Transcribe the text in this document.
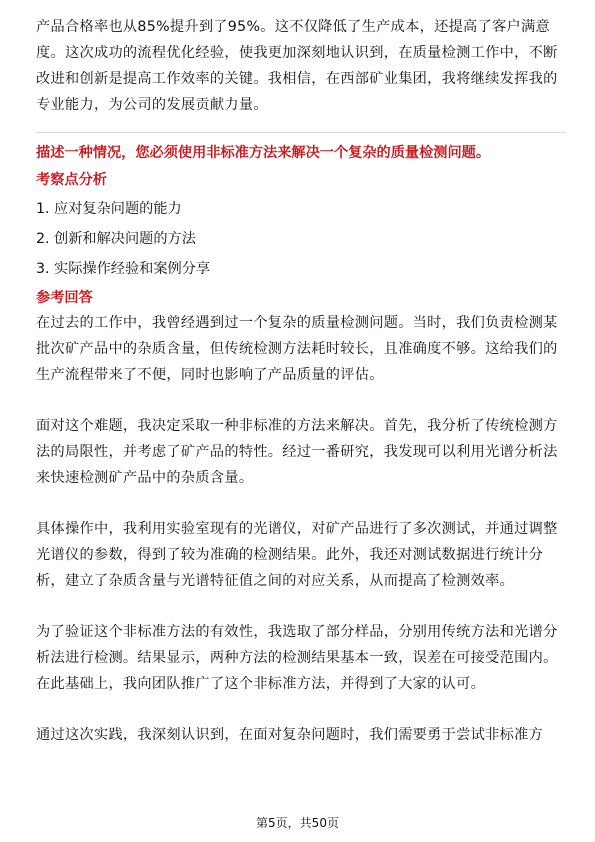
产品合格率也从85%提升到了95%。这不仅降低了生产成本，还提高了客户满意
度。这次成功的流程优化经验，使我更加深刻地认识到，在质量检测工作中，不断
改进和创新是提高工作效率的关键。我相信，在西部矿业集团，我将继续发挥我的
专业能力，为公司的发展贡献力量。
描述一种情况，您必须使用非标准方法来解决一个复杂的质量检测问题。
考察点分析
1. 应对复杂问题的能力
2. 创新和解决问题的方法
3. 实际操作经验和案例分享
参考回答
在过去的工作中，我曾经遇到过一个复杂的质量检测问题。当时，我们负责检测某
批次矿产品中的杂质含量，但传统检测方法耗时较长，且准确度不够。这给我们的
生产流程带来了不便，同时也影响了产品质量的评估。
面对这个难题，我决定采取一种非标准的方法来解决。首先，我分析了传统检测方
法的局限性，并考虑了矿产品的特性。经过一番研究，我发现可以利用光谱分析法
来快速检测矿产品中的杂质含量。
具体操作中，我利用实验室现有的光谱仪，对矿产品进行了多次测试，并通过调整
光谱仪的参数，得到了较为准确的检测结果。此外，我还对测试数据进行统计分
析，建立了杂质含量与光谱特征值之间的对应关系，从而提高了检测效率。
为了验证这个非标准方法的有效性，我选取了部分样品，分别用传统方法和光谱分
析法进行检测。结果显示，两种方法的检测结果基本一致，误差在可接受范围内。
在此基础上，我向团队推广了这个非标准方法，并得到了大家的认可。
通过这次实践，我深刻认识到，在面对复杂问题时，我们需要勇于尝试非标准方
第5页，共50页
